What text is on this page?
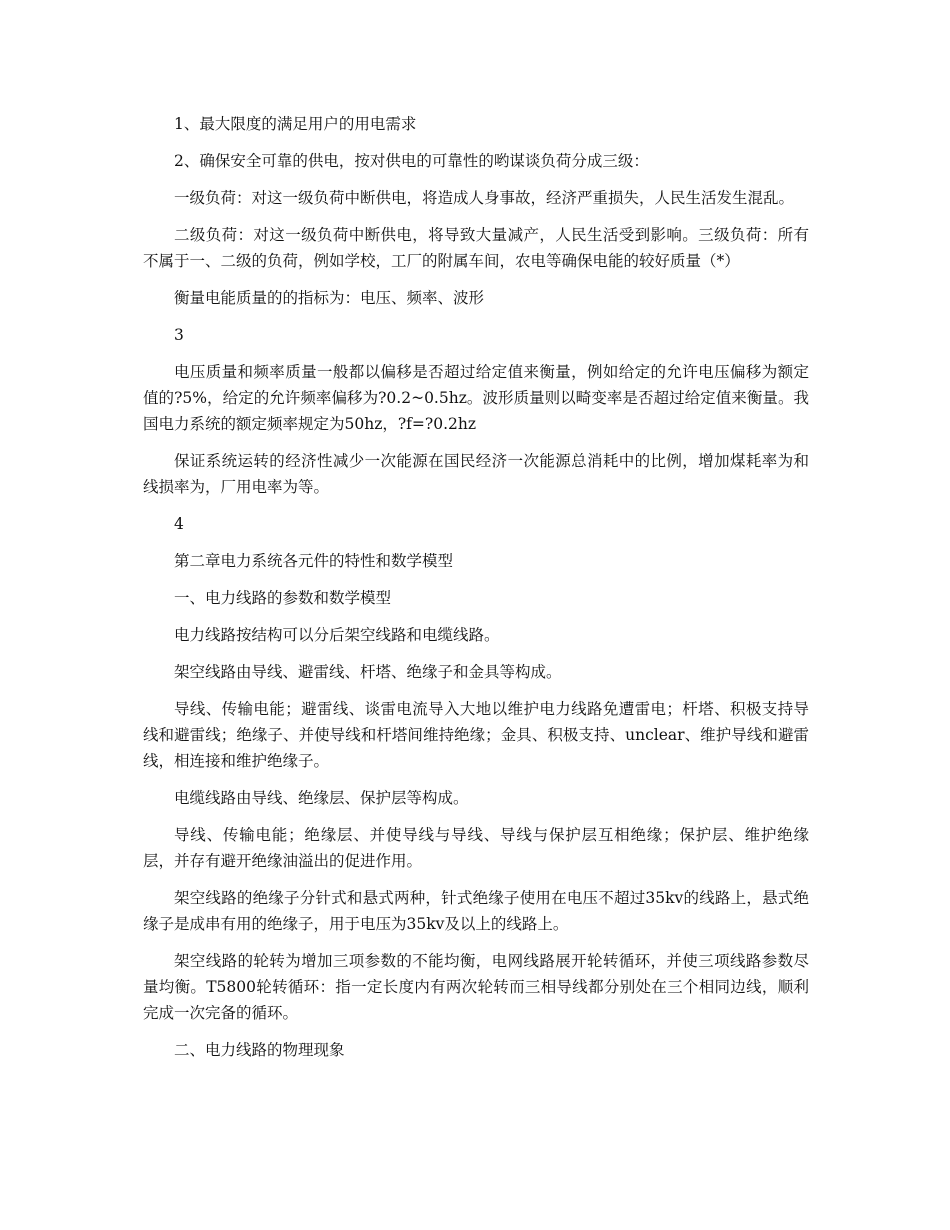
1、最大限度的满足用户的用电需求

2、确保安全可靠的供电，按对供电的可靠性的哟谋谈负荷分成三级：

一级负荷：对这一级负荷中断供电，将造成人身事故，经济严重损失，人民生活发生混乱。

二级负荷：对这一级负荷中断供电，将导致大量减产，人民生活受到影响。三级负荷：所有不属于一、二级的负荷，例如学校，工厂的附属车间，农电等确保电能的较好质量（*）

衡量电能质量的的指标为：电压、频率、波形

3

电压质量和频率质量一般都以偏移是否超过给定值来衡量，例如给定的允许电压偏移为额定值的?5%，给定的允许频率偏移为?0.2~0.5hz。波形质量则以畸变率是否超过给定值来衡量。我国电力系统的额定频率规定为50hz，?f=?0.2hz

保证系统运转的经济性减少一次能源在国民经济一次能源总消耗中的比例，增加煤耗率为和线损率为，厂用电率为等。

4

第二章电力系统各元件的特性和数学模型

一、电力线路的参数和数学模型

电力线路按结构可以分后架空线路和电缆线路。

架空线路由导线、避雷线、杆塔、绝缘子和金具等构成。

导线、传输电能；避雷线、谈雷电流导入大地以维护电力线路免遭雷电；杆塔、积极支持导线和避雷线；绝缘子、并使导线和杆塔间维持绝缘；金具、积极支持、unclear、维护导线和避雷线，相连接和维护绝缘子。

电缆线路由导线、绝缘层、保护层等构成。

导线、传输电能；绝缘层、并使导线与导线、导线与保护层互相绝缘；保护层、维护绝缘层，并存有避开绝缘油溢出的促进作用。

架空线路的绝缘子分针式和悬式两种，针式绝缘子使用在电压不超过35kv的线路上，悬式绝缘子是成串有用的绝缘子，用于电压为35kv及以上的线路上。

架空线路的轮转为增加三项参数的不能均衡，电网线路展开轮转循环，并使三项线路参数尽量均衡。T5800轮转循环：指一定长度内有两次轮转而三相导线都分别处在三个相同边线，顺利完成一次完备的循环。

二、电力线路的物理现象
